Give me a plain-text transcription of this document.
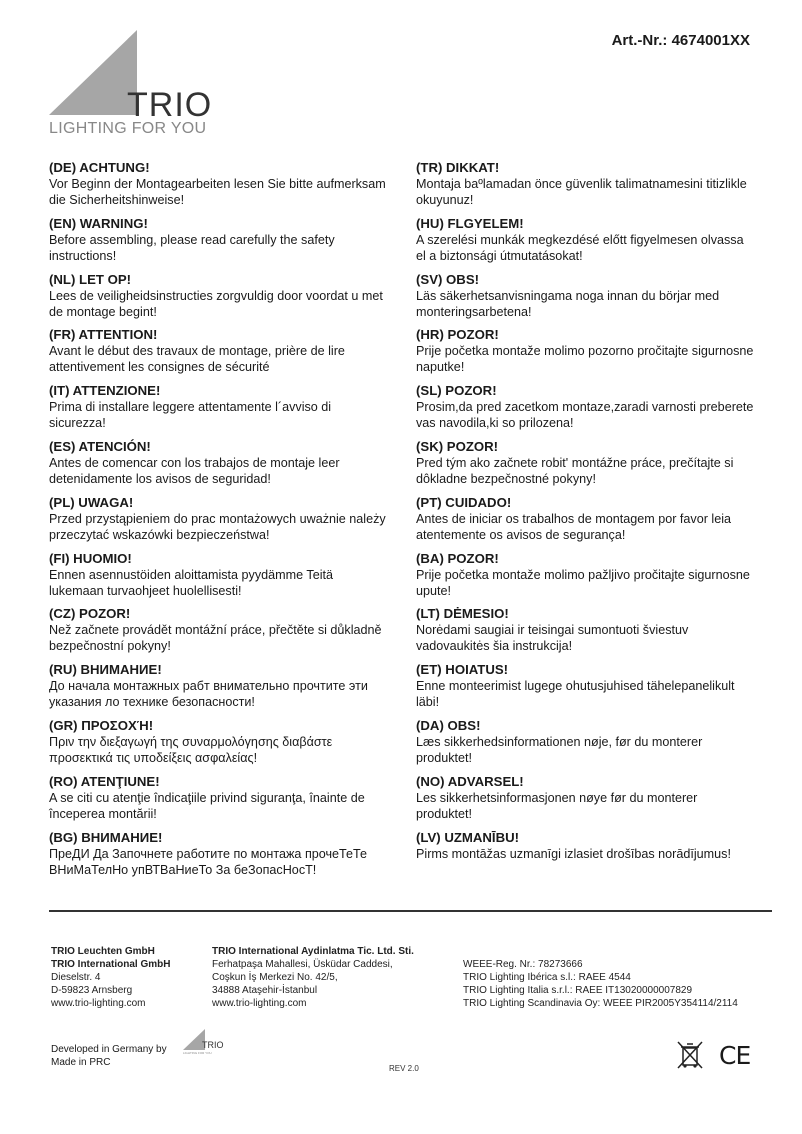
Art.-Nr.: 4674001XX
TRIO
LIGHTING FOR YOU
(DE) ACHTUNG!
Vor Beginn der Montagearbeiten lesen Sie bitte aufmerksam die Sicherheitshinweise!
(EN) WARNING!
Before assembling, please read carefully the safety instructions!
(NL) LET OP!
Lees de veiligheidsinstructies zorgvuldig door voordat u met de montage begint!
(FR) ATTENTION!
Avant le début des travaux de montage, prière de lire attentivement les consignes de sécurité
(IT) ATTENZIONE!
Prima di installare leggere attentamente l´avviso di sicurezza!
(ES) ATENCIÓN!
Antes de comencar con los trabajos de montaje leer detenidamente los avisos de seguridad!
(PL) UWAGA!
Przed przystąpieniem do prac montażowych uważnie należy przeczytać wskazówki bezpieczeństwa!
(FI) HUOMIO!
Ennen asennustöiden aloittamista pyydämme Teitä lukemaan turvaohjeet huolellisesti!
(CZ) POZOR!
Než začnete provádět montážní práce, přečtěte si důkladně bezpečnostní pokyny!
(RU) ВНИМАНИЕ!
До начала монтажных рабт внимательно прочтите эти указания ло технике безопасности!
(GR) ΠΡΟΣΟΧΉ!
Πριν την διεξαγωγή της συναρμολόγησης διαβάστε προσεκτικά τις υποδείξεις ασφαλείας!
(RO) ATENŢIUNE!
A se citi cu atenţie îndicaţiile privind siguranţa, înainte de începerea montării!
(BG) ВНИМАНИЕ!
ПреДИ Да Започнете работите по монтажа прочеТеТе ВНиМаТелНо упВТВаНиеТо За беЗопасНосТ!
(TR) DIKKAT!
Montaja baºlamadan önce güvenlik talimatnamesini titizlikle okuyunuz!
(HU) FLGYELEM!
A szerelési munkák megkezdésé előtt figyelmesen olvassa el a biztonsági útmutatásokat!
(SV) OBS!
Läs säkerhetsanvisningama noga innan du börjar med monteringsarbetena!
(HR) POZOR!
Prije početka montaže molimo pozorno pročitajte sigurnosne naputke!
(SL) POZOR!
Prosim,da pred zacetkom montaze,zaradi varnosti preberete vas navodila,ki so prilozena!
(SK) POZOR!
Pred tým ako začnete robit' montážne práce, prečítajte si dôkladne bezpečnostné pokyny!
(PT) CUIDADO!
Antes de iniciar os trabalhos de montagem por favor leia atentemente os avisos de segurança!
(BA) POZOR!
Prije početka montaže molimo pažljivo pročitajte sigurnosne upute!
(LT) DĖMESIO!
Norėdami saugiai ir teisingai sumontuoti šviestuv vadovaukitės šia instrukcija!
(ET) HOIATUS!
Enne monteerimist lugege ohutusjuhised tähelepanelikult läbi!
(DA) OBS!
Læs sikkerhedsinformationen nøje, før du monterer produktet!
(NO) ADVARSEL!
Les sikkerhetsinformasjonen nøye før du monterer produktet!
(LV) UZMANĪBU!
Pirms montāžas uzmanīgi izlasiet drošības norādījumus!
TRIO Leuchten GmbH
TRIO International GmbH
Dieselstr. 4
D-59823 Arnsberg
www.trio-lighting.com
TRIO International Aydinlatma Tic. Ltd. Sti.
Ferhatpaşa Mahallesi, Üsküdar Caddesi,
Coşkun İş Merkezi No. 42/5,
34888 Ataşehir-İstanbul
www.trio-lighting.com
WEEE-Reg. Nr.: 78273666
TRIO Lighting Ibérica s.l.: RAEE 4544
TRIO Lighting Italia s.r.l.: RAEE IT13020000007829
TRIO Lighting Scandinavia Oy: WEEE PIR2005Y354114/2114
Developed in Germany by
Made in PRC
TRIO
LIGHTING FOR YOU
REV 2.0	CE
